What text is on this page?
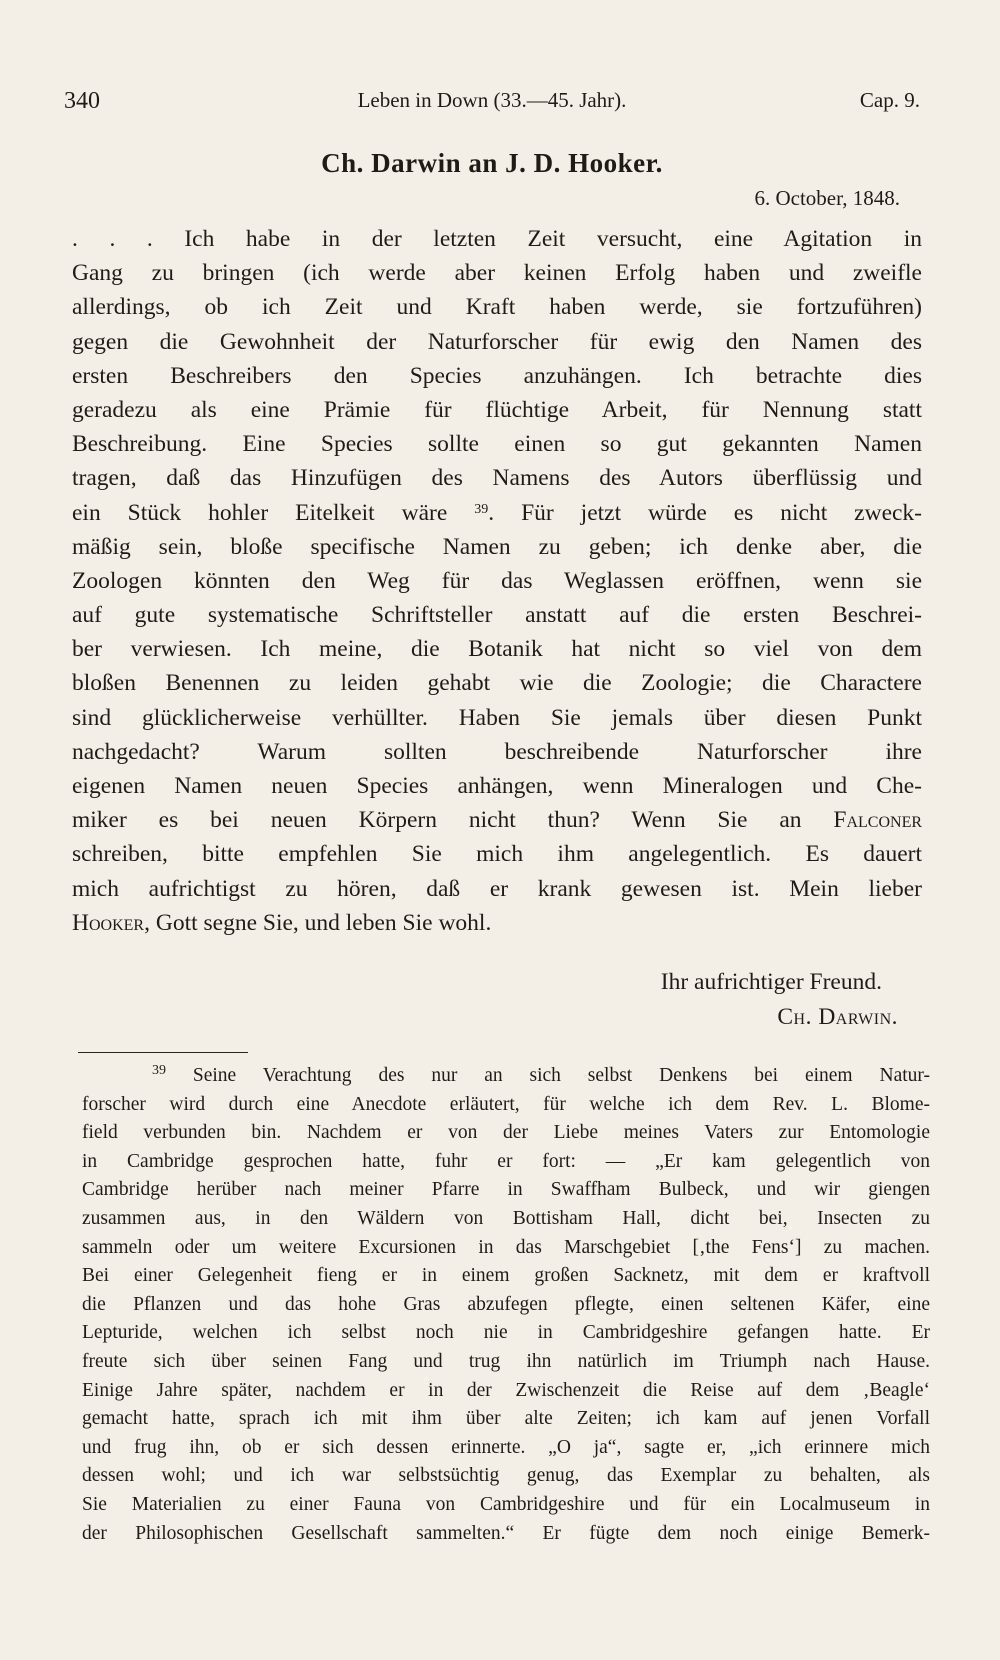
340	Leben in Down (33.—45. Jahr).	Cap. 9.
Ch. Darwin an J. D. Hooker.
6. October, 1848.
. . . Ich habe in der letzten Zeit versucht, eine Agitation in
Gang zu bringen (ich werde aber keinen Erfolg haben und zweifle
allerdings, ob ich Zeit und Kraft haben werde, sie fortzuführen)
gegen die Gewohnheit der Naturforscher für ewig den Namen des
ersten Beschreibers den Species anzuhängen. Ich betrachte dies
geradezu als eine Prämie für flüchtige Arbeit, für Nennung statt
Beschreibung. Eine Species sollte einen so gut gekannten Namen
tragen, daß das Hinzufügen des Namens des Autors überflüssig und
ein Stück hohler Eitelkeit wäre $^{39}$. Für jetzt würde es nicht zweck-
mäßig sein, bloße specifische Namen zu geben; ich denke aber, die
Zoologen könnten den Weg für das Weglassen eröffnen, wenn sie
auf gute systematische Schriftsteller anstatt auf die ersten Beschrei-
ber verwiesen. Ich meine, die Botanik hat nicht so viel von dem
bloßen Benennen zu leiden gehabt wie die Zoologie; die Charactere
sind glücklicherweise verhüllter. Haben Sie jemals über diesen Punkt
nachgedacht? Warum sollten beschreibende Naturforscher ihre
eigenen Namen neuen Species anhängen, wenn Mineralogen und Che-
miker es bei neuen Körpern nicht thun? Wenn Sie an Falconer
schreiben, bitte empfehlen Sie mich ihm angelegentlich. Es dauert
mich aufrichtigst zu hören, daß er krank gewesen ist. Mein lieber
Hooker, Gott segne Sie, und leben Sie wohl.
Ihr aufrichtiger Freund.
Ch. Darwin.
$^{39}$ Seine Verachtung des nur an sich selbst Denkens bei einem Natur-
forscher wird durch eine Anecdote erläutert, für welche ich dem Rev. L. Blome-
field verbunden bin. Nachdem er von der Liebe meines Vaters zur Entomologie
in Cambridge gesprochen hatte, fuhr er fort: — „Er kam gelegentlich von
Cambridge herüber nach meiner Pfarre in Swaffham Bulbeck, und wir giengen
zusammen aus, in den Wäldern von Bottisham Hall, dicht bei, Insecten zu
sammeln oder um weitere Excursionen in das Marschgebiet [‚the Fens‘] zu machen.
Bei einer Gelegenheit fieng er in einem großen Sacknetz, mit dem er kraftvoll
die Pflanzen und das hohe Gras abzufegen pflegte, einen seltenen Käfer, eine
Lepturide, welchen ich selbst noch nie in Cambridgeshire gefangen hatte. Er
freute sich über seinen Fang und trug ihn natürlich im Triumph nach Hause.
Einige Jahre später, nachdem er in der Zwischenzeit die Reise auf dem ‚Beagle‘
gemacht hatte, sprach ich mit ihm über alte Zeiten; ich kam auf jenen Vorfall
und frug ihn, ob er sich dessen erinnerte. „O ja“, sagte er, „ich erinnere mich
dessen wohl; und ich war selbstsüchtig genug, das Exemplar zu behalten, als
Sie Materialien zu einer Fauna von Cambridgeshire und für ein Localmuseum in
der Philosophischen Gesellschaft sammelten.“ Er fügte dem noch einige Bemerk-
